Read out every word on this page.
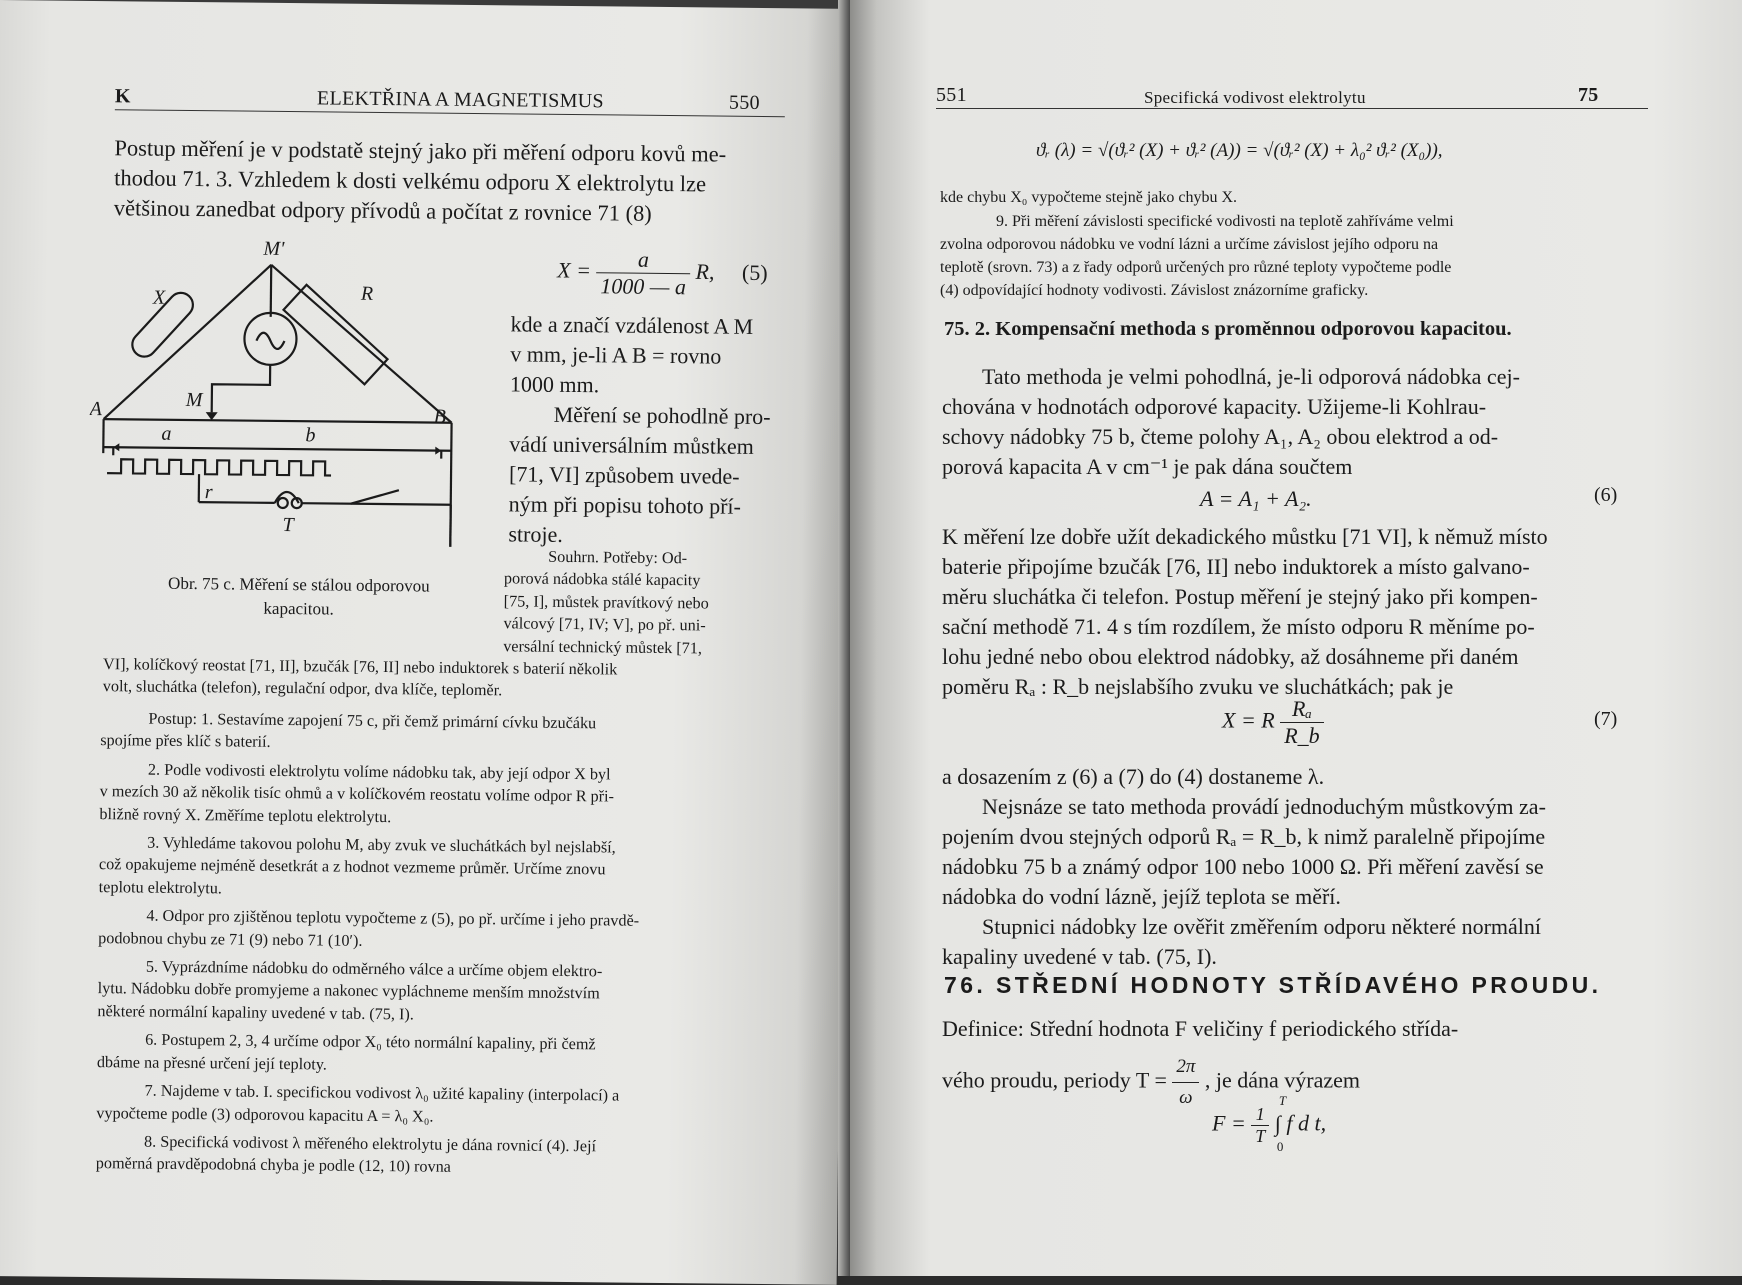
K	ELEKTŘINA A MAGNETISMUS	550
Postup měření je v podstatě stejný jako při měření odporu kovů me-
thodou 71. 3. Vzhledem k dosti velkému odporu X elektrolytu lze
většinou zanedbat odpory přívodů a počítat z rovnice 71 (8)
M'
X	R
A	B
M
a	b
r
T
$X = \frac{a}{1000 — a} R$, (5)
kde a značí vzdálenost A M
v mm, je-li A B = rovno
1000 mm.
Měření se pohodlně pro-
vádí universálním můstkem
[71, VI] způsobem uvede-
ným při popisu tohoto pří-
stroje.
Obr. 75 c. Měření se stálou odporovou
kapacitou.
Souhrn. Potřeby: Od-
porová nádobka stálé kapacity
[75, I], můstek pravítkový nebo
válcový [71, IV; V], po př. uni-
versální technický můstek [71,
VI], kolíčkový reostat [71, II], bzučák [76, II] nebo induktorek s baterií několik
volt, sluchátka (telefon), regulační odpor, dva klíče, teploměr.
Postup: 1. Sestavíme zapojení 75 c, při čemž primární cívku bzučáku
spojíme přes klíč s baterií.
2. Podle vodivosti elektrolytu volíme nádobku tak, aby její odpor X byl
v mezích 30 až několik tisíc ohmů a v kolíčkovém reostatu volíme odpor R při-
bližně rovný X. Změříme teplotu elektrolytu.
3. Vyhledáme takovou polohu M, aby zvuk ve sluchátkách byl nejslabší,
což opakujeme nejméně desetkrát a z hodnot vezmeme průměr. Určíme znovu
teplotu elektrolytu.
4. Odpor pro zjištěnou teplotu vypočteme z (5), po př. určíme i jeho pravdě-
podobnou chybu ze 71 (9) nebo 71 (10′).
5. Vyprázdníme nádobku do odměrného válce a určíme objem elektro-
lytu. Nádobku dobře promyjeme a nakonec vypláchneme menším množstvím
některé normální kapaliny uvedené v tab. (75, I).
6. Postupem 2, 3, 4 určíme odpor X₀ této normální kapaliny, při čemž
dbáme na přesné určení její teploty.
7. Najdeme v tab. I. specifickou vodivost λ₀ užité kapaliny (interpolací) a
vypočteme podle (3) odporovou kapacitu A = λ₀ X₀.
8. Specifická vodivost λ měřeného elektrolytu je dána rovnicí (4). Její
poměrná pravděpodobná chyba je podle (12, 10) rovna
551	Specifická vodivost elektrolytu	75
ϑᵣ (λ) = √(ϑᵣ² (X) + ϑᵣ² (A)) = √(ϑᵣ² (X) + λ₀² ϑᵣ² (X₀)),
kde chybu X₀ vypočteme stejně jako chybu X.
9. Při měření závislosti specifické vodivosti na teplotě zahříváme velmi
zvolna odporovou nádobku ve vodní lázni a určíme závislost jejího odporu na
teplotě (srovn. 73) a z řady odporů určených pro různé teploty vypočteme podle
(4) odpovídající hodnoty vodivosti. Závislost znázorníme graficky.
75. 2. Kompensační methoda s proměnnou odporovou kapacitou.
Tato methoda je velmi pohodlná, je-li odporová nádobka cej-
chována v hodnotách odporové kapacity. Užijeme-li Kohlrau-
schovy nádobky 75 b, čteme polohy A₁, A₂ obou elektrod a od-
porová kapacita A v cm⁻¹ je pak dána součtem
A = A₁ + A₂.	(6)
K měření lze dobře užít dekadického můstku [71 VI], k němuž místo
baterie připojíme bzučák [76, II] nebo induktorek a místo galvano-
měru sluchátka či telefon. Postup měření je stejný jako při kompen-
sační methodě 71. 4 s tím rozdílem, že místo odporu R měníme po-
lohu jedné nebo obou elektrod nádobky, až dosáhneme při daném
poměru Rₐ : R_b nejslabšího zvuku ve sluchátkách; pak je
X = R $\frac{\text{Rₐ}}{R\_b}$	(7)
a dosazením z (6) a (7) do (4) dostaneme λ.
Nejsnáze se tato methoda provádí jednoduchým můstkovým za-
pojením dvou stejných odporů Rₐ = R_b, k nimž paralelně připojíme
nádobku 75 b a známý odpor 100 nebo 1000 Ω. Při měření zavěsí se
nádobka do vodní lázně, jejíž teplota se měří.
Stupnici nádobky lze ověřit změřením odporu některé normální
kapaliny uvedené v tab. (75, I).
76. STŘEDNÍ HODNOTY STŘÍDAVÉHO PROUDU.
Definice: Střední hodnota F veličiny f periodického střída-
vého proudu, periody $T = \frac{2\pi}{\omega}$ , je dána výrazem
$F = \frac{1}{T}$

T
∫
0
f d t,
